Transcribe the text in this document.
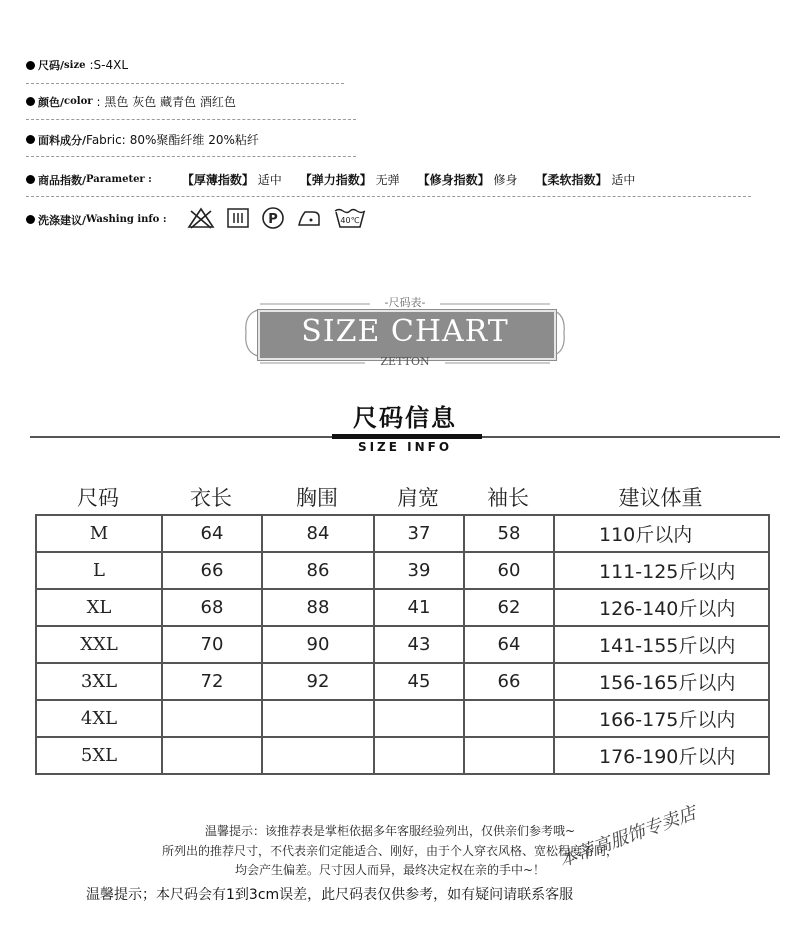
尺码/ size :S-4XL
颜色/ color : 黑色 灰色 藏青色 酒红色
面料成分/ Fabric: 80%聚酯纤维 20%粘纤
商品指数/ Parameter :	【厚薄指数】 适中 【弹力指数】 无弹 【修身指数】 修身 【柔软指数】 适中
洗涤建议/ Washing info :	P	40℃
-尺码表-
SIZE CHART
ZETTON
尺码信息
SIZE INFO
尺码	衣长	胸围	肩宽	袖长	建议体重
M	64	84	37	58	110斤以内
L	66	86	39	60	111-125斤以内
XL	68	88	41	62	126-140斤以内
XXL	70	90	43	64	141-155斤以内
3XL	72	92	45	66	156-165斤以内
4XL					166-175斤以内
5XL					176-190斤以内
温馨提示：该推荐表是掌柜依据多年客服经验列出，仅供亲们参考哦~
所列出的推荐尺寸，不代表亲们定能适合、刚好，由于个人穿衣风格、宽松程度不同，
均会产生偏差。尺寸因人而异，最终决定权在亲的手中~！
温馨提示；本尺码会有1到3cm误差，此尺码表仅供参考，如有疑问请联系客服
本蒂高服饰专卖店
